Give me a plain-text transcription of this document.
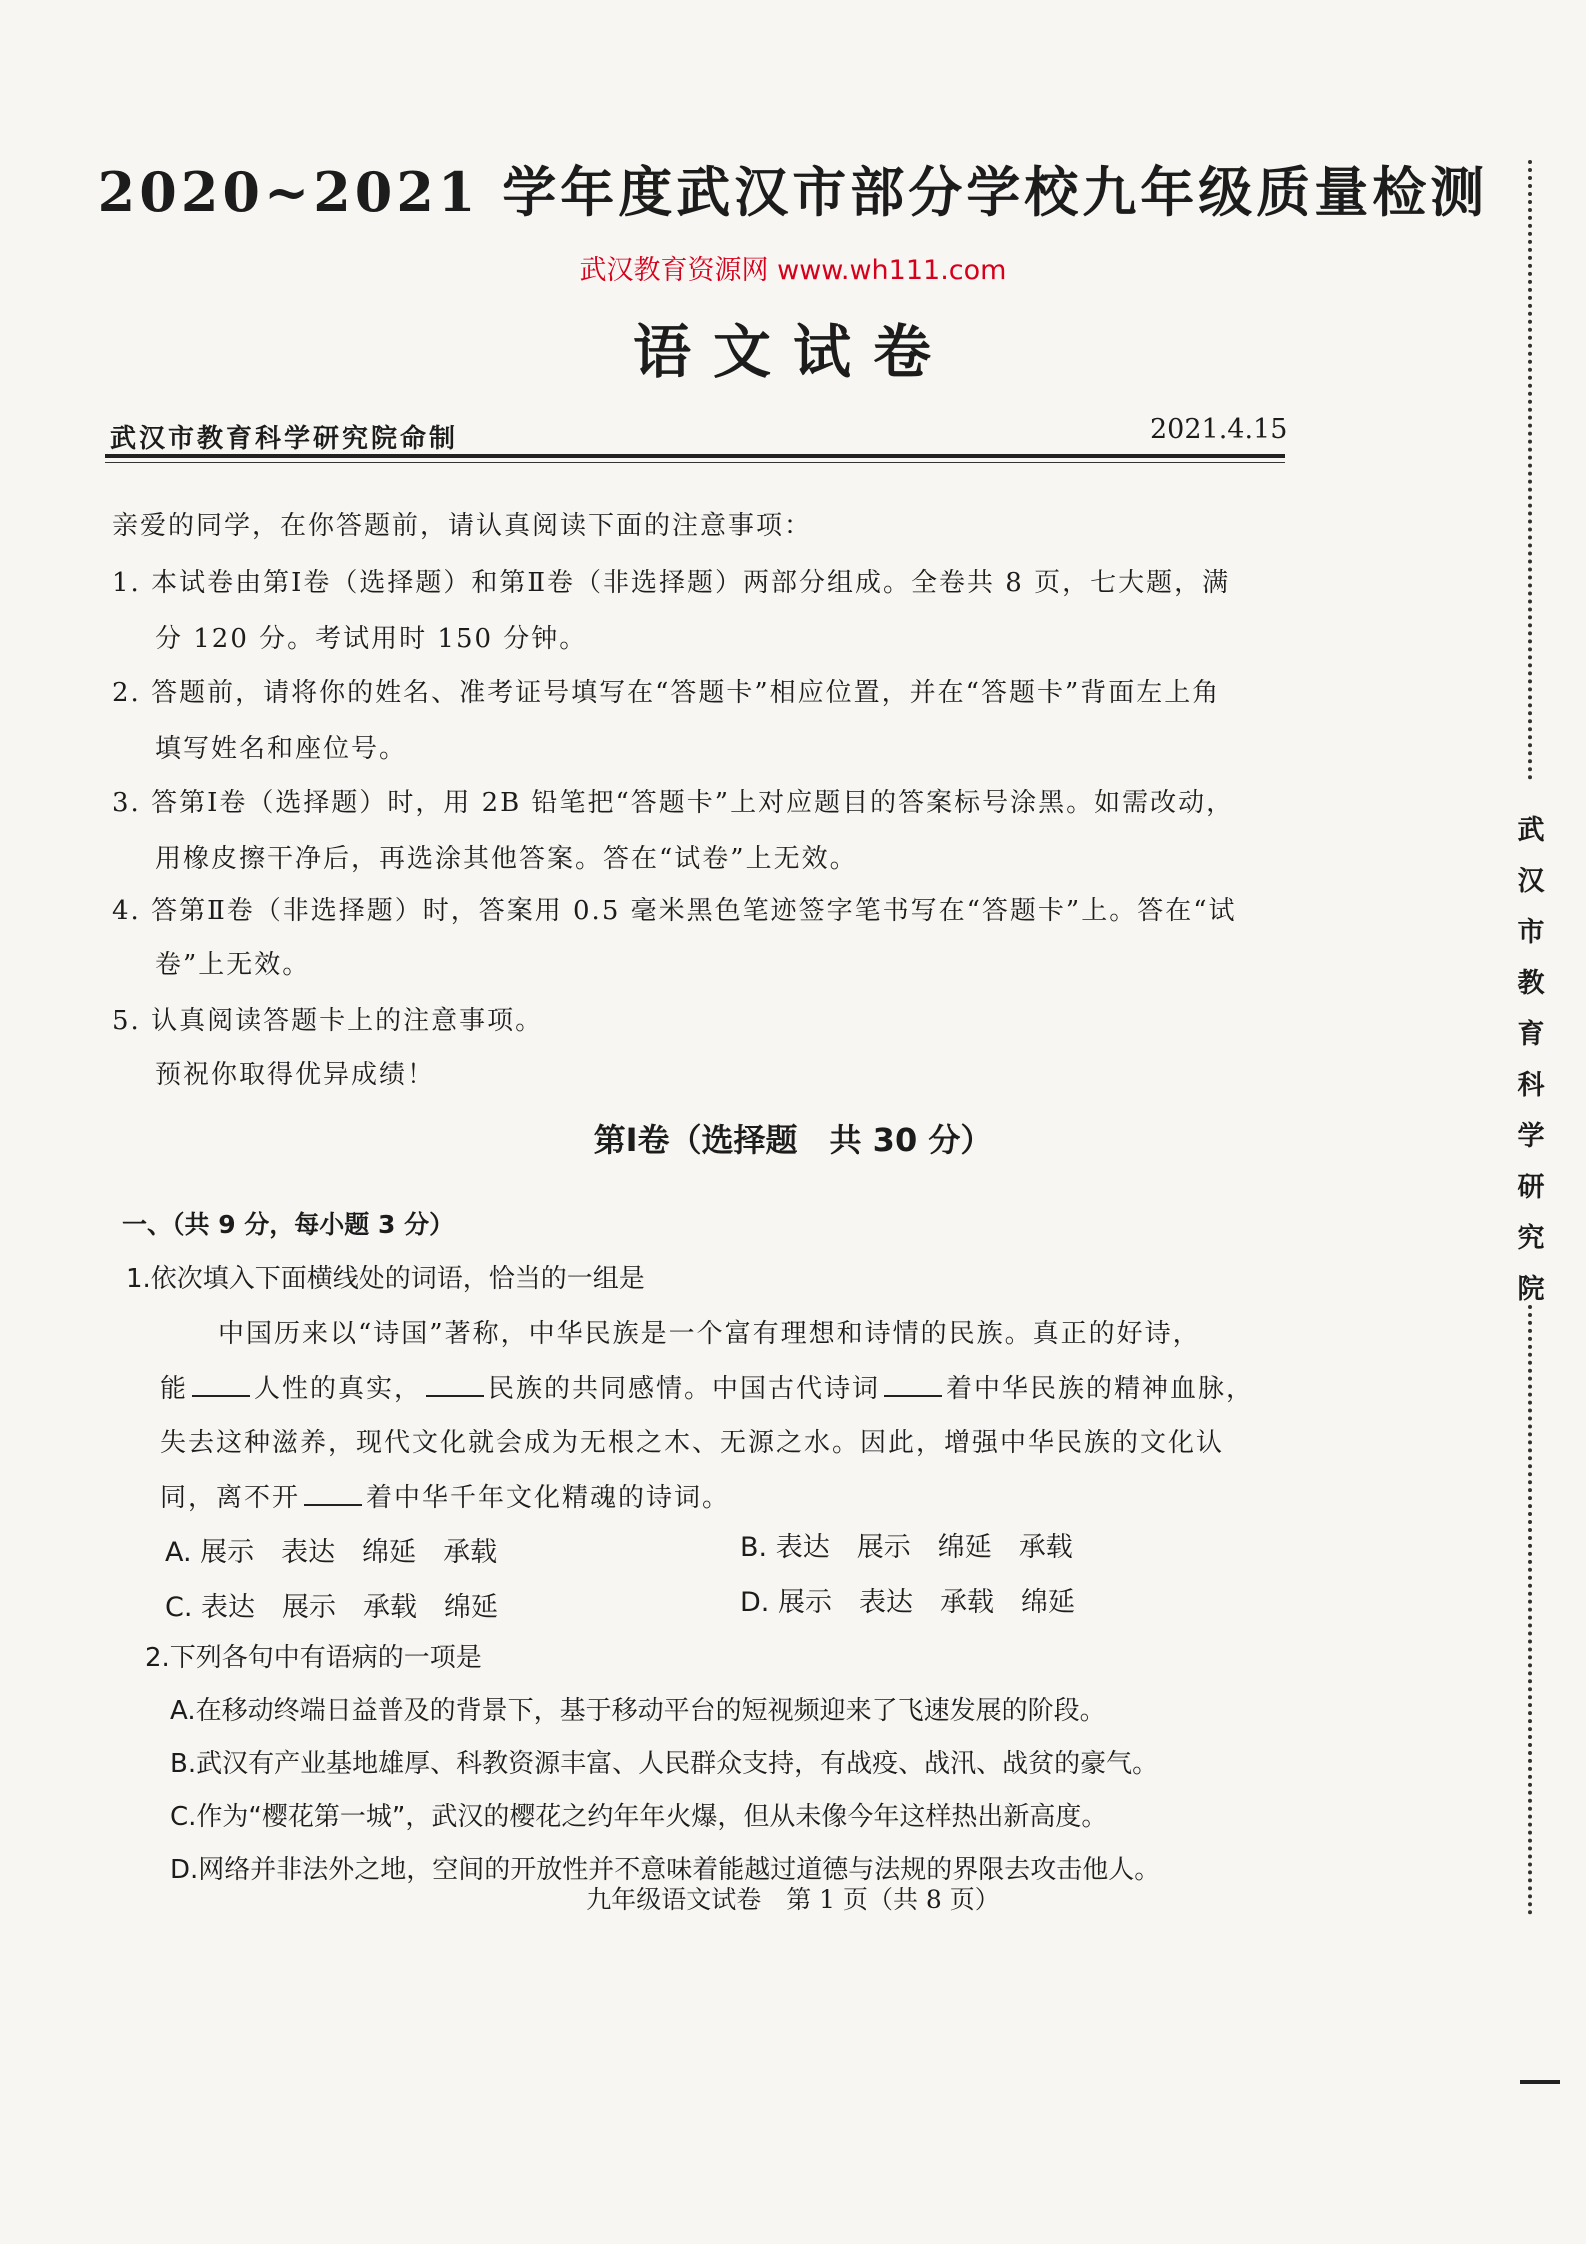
2020~2021 学年度武汉市部分学校九年级质量检测
武汉教育资源网 www.wh111.com
语文试卷
武汉市教育科学研究院命制	2021.4.15
亲爱的同学，在你答题前，请认真阅读下面的注意事项：
1. 本试卷由第Ⅰ卷（选择题）和第Ⅱ卷（非选择题）两部分组成。全卷共 8 页，七大题，满
分 120 分。考试用时 150 分钟。
2. 答题前，请将你的姓名、准考证号填写在“答题卡”相应位置，并在“答题卡”背面左上角
填写姓名和座位号。
3. 答第Ⅰ卷（选择题）时，用 2B 铅笔把“答题卡”上对应题目的答案标号涂黑。如需改动，
用橡皮擦干净后，再选涂其他答案。答在“试卷”上无效。
4. 答第Ⅱ卷（非选择题）时，答案用 0.5 毫米黑色笔迹签字笔书写在“答题卡”上。答在“试
卷”上无效。
5. 认真阅读答题卡上的注意事项。
预祝你取得优异成绩！
第Ⅰ卷（选择题　共 30 分）
一、（共 9 分，每小题 3 分）
1.依次填入下面横线处的词语，恰当的一组是
中国历来以“诗国”著称，中华民族是一个富有理想和诗情的民族。真正的好诗，
能	人性的真实，	民族的共同感情。中国古代诗词	着中华民族的精神血脉，
失去这种滋养，现代文化就会成为无根之木、无源之水。因此，增强中华民族的文化认
同，离不开	着中华千年文化精魂的诗词。
A. 展示　表达　绵延　承载	B. 表达　展示　绵延　承载
C. 表达　展示　承载　绵延	D. 展示　表达　承载　绵延
2.下列各句中有语病的一项是
A.在移动终端日益普及的背景下，基于移动平台的短视频迎来了飞速发展的阶段。
B.武汉有产业基地雄厚、科教资源丰富、人民群众支持，有战疫、战汛、战贫的豪气。
C.作为“樱花第一城”，武汉的樱花之约年年火爆，但从未像今年这样热出新高度。
D.网络并非法外之地，空间的开放性并不意味着能越过道德与法规的界限去攻击他人。
九年级语文试卷　第 1 页（共 8 页）
武汉市教育科学研究院
